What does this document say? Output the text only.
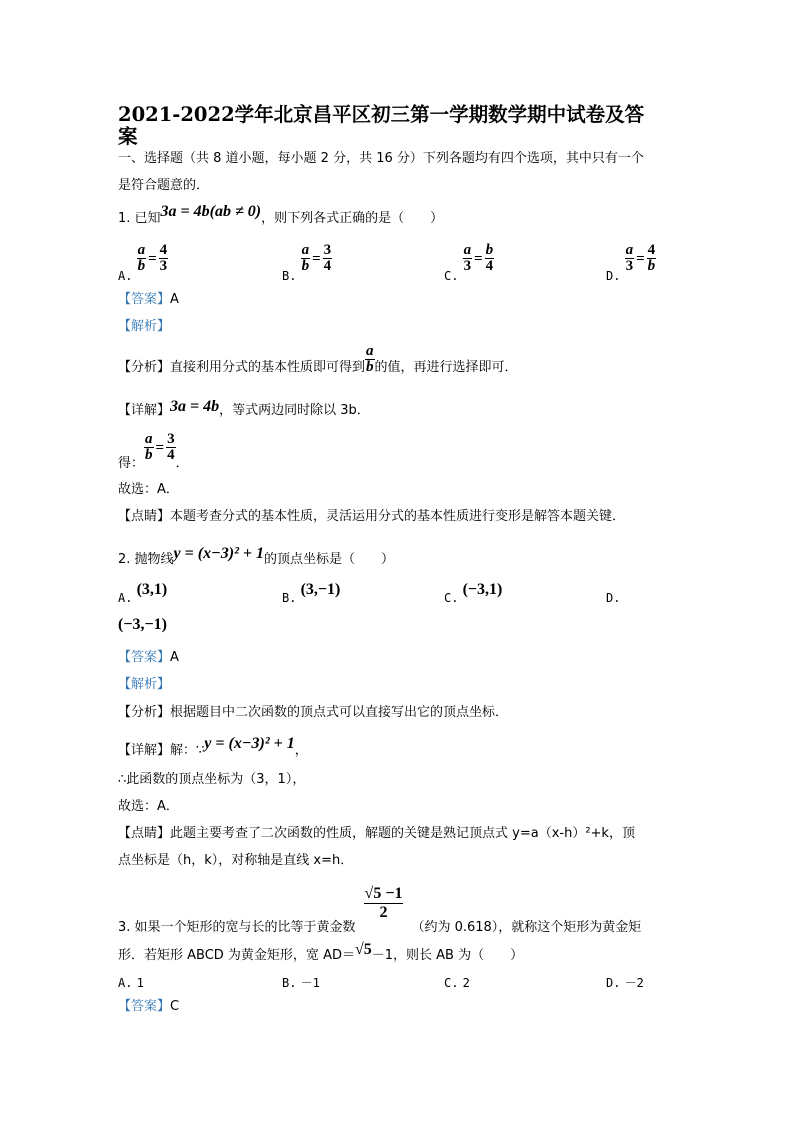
2021-2022学年北京昌平区初三第一学期数学期中试卷及答
案
一、选择题（共 8 道小题，每小题 2 分，共 16 分）下列各题均有四个选项，其中只有一个
是符合题意的．
1. 已知3a = 4b(ab ≠ 0)，则下列各式正确的是（　　）
A.
$\frac{a}{b} = \frac{4}{3}$
B.
$\frac{a}{b} = \frac{3}{4}$
C.
$\frac{a}{3} = \frac{b}{4}$
D.
$\frac{a}{3} = \frac{4}{b}$
【答案】A
【解析】
【分析】直接利用分式的基本性质即可得到 $\frac{a}{b}$ 的值，再进行选择即可．
【详解】3a = 4b，等式两边同时除以 3b．
得：
$\frac{a}{b} = \frac{3}{4}$
．
故选：A．
【点睛】本题考查分式的基本性质，灵活运用分式的基本性质进行变形是解答本题关键．
2. 抛物线y = (x−3)² + 1的顶点坐标是（　　）
A. (3,1)	B. (3,−1)	C. (−3,1)	D.
(−3,−1)
【答案】A
【解析】
【分析】根据题目中二次函数的顶点式可以直接写出它的顶点坐标．
【详解】解：∵y = (x−3)² + 1，
∴此函数的顶点坐标为（3，1），
故选：A．
【点睛】此题主要考查了二次函数的性质，解题的关键是熟记顶点式 y=a（x-h）²+k，顶
点坐标是（h，k），对称轴是直线 x=h．
3. 如果一个矩形的宽与长的比等于黄金数
$\frac{√5 -1}{2}$
（约为 0.618），就称这个矩形为黄金矩
形．若矩形 ABCD 为黄金矩形，宽 AD＝√5－1，则长 AB 为（　　）
A. 1	B. －1	C. 2	D. －2
【答案】C
